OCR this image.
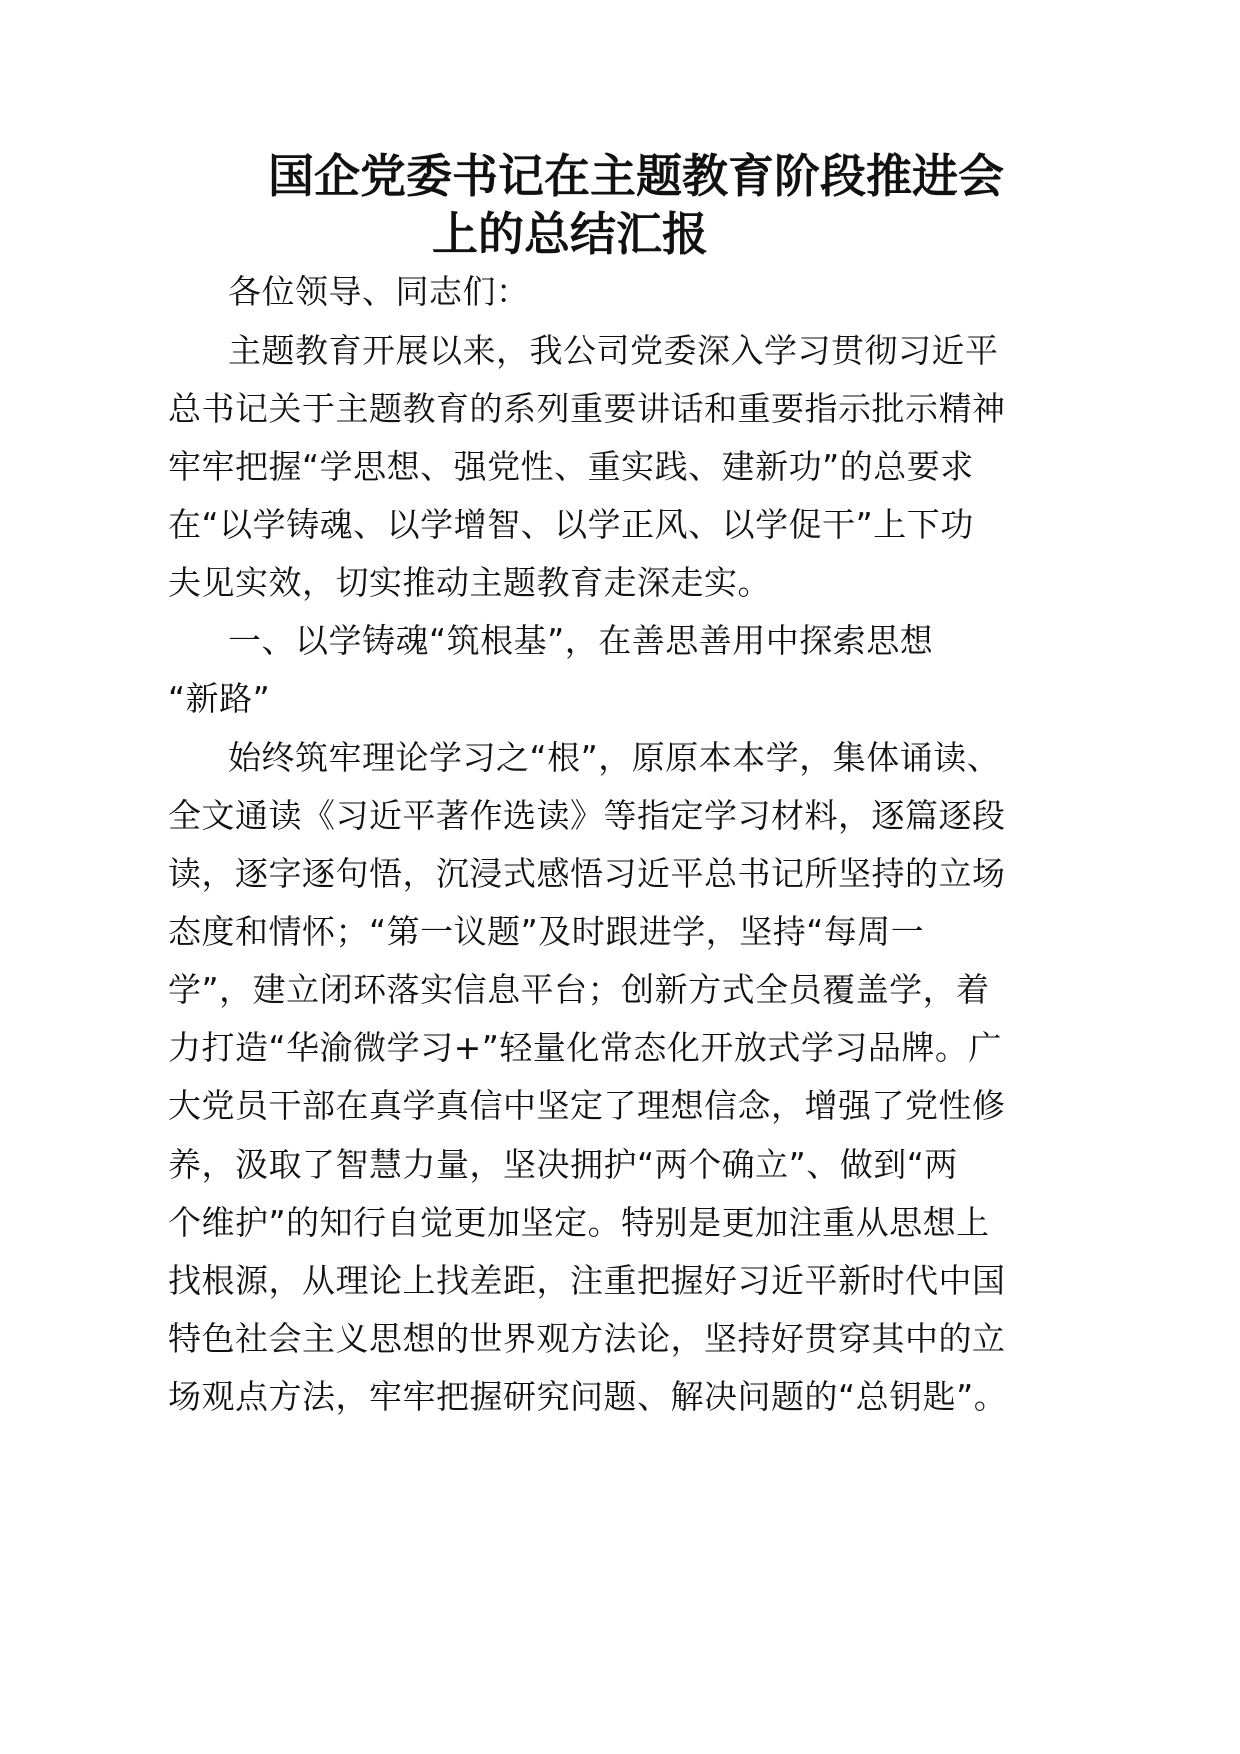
国企党委书记在主题教育阶段推进会
上的总结汇报

各位领导、同志们：

主题教育开展以来，我公司党委深入学习贯彻习近平

总书记关于主题教育的系列重要讲话和重要指示批示精神

牢牢把握“学思想、强党性、重实践、建新功”的总要求

在“以学铸魂、以学增智、以学正风、以学促干”上下功

夫见实效，切实推动主题教育走深走实。

一、以学铸魂“筑根基”，在善思善用中探索思想

“新路”

始终筑牢理论学习之“根”，原原本本学，集体诵读、

全文通读《习近平著作选读》等指定学习材料，逐篇逐段

读，逐字逐句悟，沉浸式感悟习近平总书记所坚持的立场

态度和情怀；“第一议题”及时跟进学，坚持“每周一

学”，建立闭环落实信息平台；创新方式全员覆盖学，着

力打造“华渝微学习+”轻量化常态化开放式学习品牌。广

大党员干部在真学真信中坚定了理想信念，增强了党性修

养，汲取了智慧力量，坚决拥护“两个确立”、做到“两

个维护”的知行自觉更加坚定。特别是更加注重从思想上

找根源，从理论上找差距，注重把握好习近平新时代中国

特色社会主义思想的世界观方法论，坚持好贯穿其中的立

场观点方法，牢牢把握研究问题、解决问题的“总钥匙”。
